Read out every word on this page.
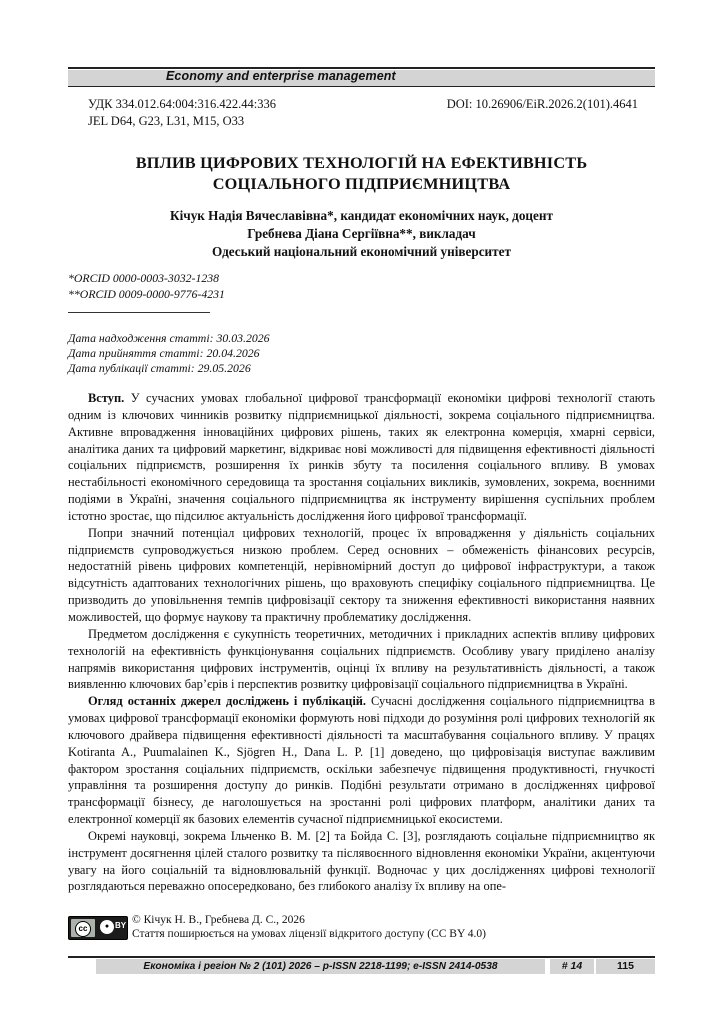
Economy and enterprise management
УДК 334.012.64:004:316.422.44:336
JEL D64, G23, L31, M15, O33
DOI: 10.26906/EiR.2026.2(101).4641
ВПЛИВ ЦИФРОВИХ ТЕХНОЛОГІЙ НА ЕФЕКТИВНІСТЬ
СОЦІАЛЬНОГО ПІДПРИЄМНИЦТВА
Кічук Надія Вячеславівна*, кандидат економічних наук, доцент
Гребнева Діана Сергіївна**, викладач
Одеський національний економічний університет
*ORCID 0000-0003-3032-1238
**ORCID 0009-0000-9776-4231
Дата надходження статті: 30.03.2026
Дата прийняття статті: 20.04.2026
Дата публікації статті: 29.05.2026

Вступ. У сучасних умовах глобальної цифрової трансформації економіки цифрові технології стають одним із ключових чинників розвитку підприємницької діяльності, зокрема соціального підприємництва. Активне впровадження інноваційних цифрових рішень, таких як електронна комерція, хмарні сервіси, аналітика даних та цифровий маркетинг, відкриває нові можливості для підвищення ефективності діяльності соціальних підприємств, розширення їх ринків збуту та посилення соціального впливу. В умовах нестабільності економічного середовища та зростання соціальних викликів, зумовлених, зокрема, воєнними подіями в Україні, значення соціального підприємництва як інструменту вирішення суспільних проблем істотно зростає, що підсилює актуальність дослідження його цифрової трансформації.

Попри значний потенціал цифрових технологій, процес їх впровадження у діяльність соціальних підприємств супроводжується низкою проблем. Серед основних – обмеженість фінансових ресурсів, недостатній рівень цифрових компетенцій, нерівномірний доступ до цифрової інфраструктури, а також відсутність адаптованих технологічних рішень, що враховують специфіку соціального підприємництва. Це призводить до уповільнення темпів цифровізації сектору та зниження ефективності використання наявних можливостей, що формує наукову та практичну проблематику дослідження.

Предметом дослідження є сукупність теоретичних, методичних і прикладних аспектів впливу цифрових технологій на ефективність функціонування соціальних підприємств. Особливу увагу приділено аналізу напрямів використання цифрових інструментів, оцінці їх впливу на результативність діяльності, а також виявленню ключових бар’єрів і перспектив розвитку цифровізації соціального підприємництва в Україні.

Огляд останніх джерел досліджень і публікацій. Сучасні дослідження соціального підприємництва в умовах цифрової трансформації економіки формують нові підходи до розуміння ролі цифрових технологій як ключового драйвера підвищення ефективності діяльності та масштабування соціального впливу. У працях Kotiranta A., Puumalainen K., Sjögren H., Dana L. P. [1] доведено, що цифровізація виступає важливим фактором зростання соціальних підприємств, оскільки забезпечує підвищення продуктивності, гнучкості управління та розширення доступу до ринків. Подібні результати отримано в дослідженнях цифрової трансформації бізнесу, де наголошується на зростанні ролі цифрових платформ, аналітики даних та електронної комерції як базових елементів сучасної підприємницької екосистеми.

Окремі науковці, зокрема Ільченко В. М. [2] та Бойда С. [3], розглядають соціальне підприємництво як інструмент досягнення цілей сталого розвитку та післявоєнного відновлення економіки України, акцентуючи увагу на його соціальній та відновлювальній функції. Водночас у цих дослідженнях цифрові технології розглядаються переважно опосередковано, без глибокого аналізу їх впливу на опе-

cc	● BY © Кічук Н. В., Гребнева Д. С., 2026
Стаття поширюється на умовах ліцензії відкритого доступу (CC BY 4.0)
Економіка і регіон № 2 (101) 2026 – p-ISSN 2218-1199; e-ISSN 2414-0538	# 14	115
